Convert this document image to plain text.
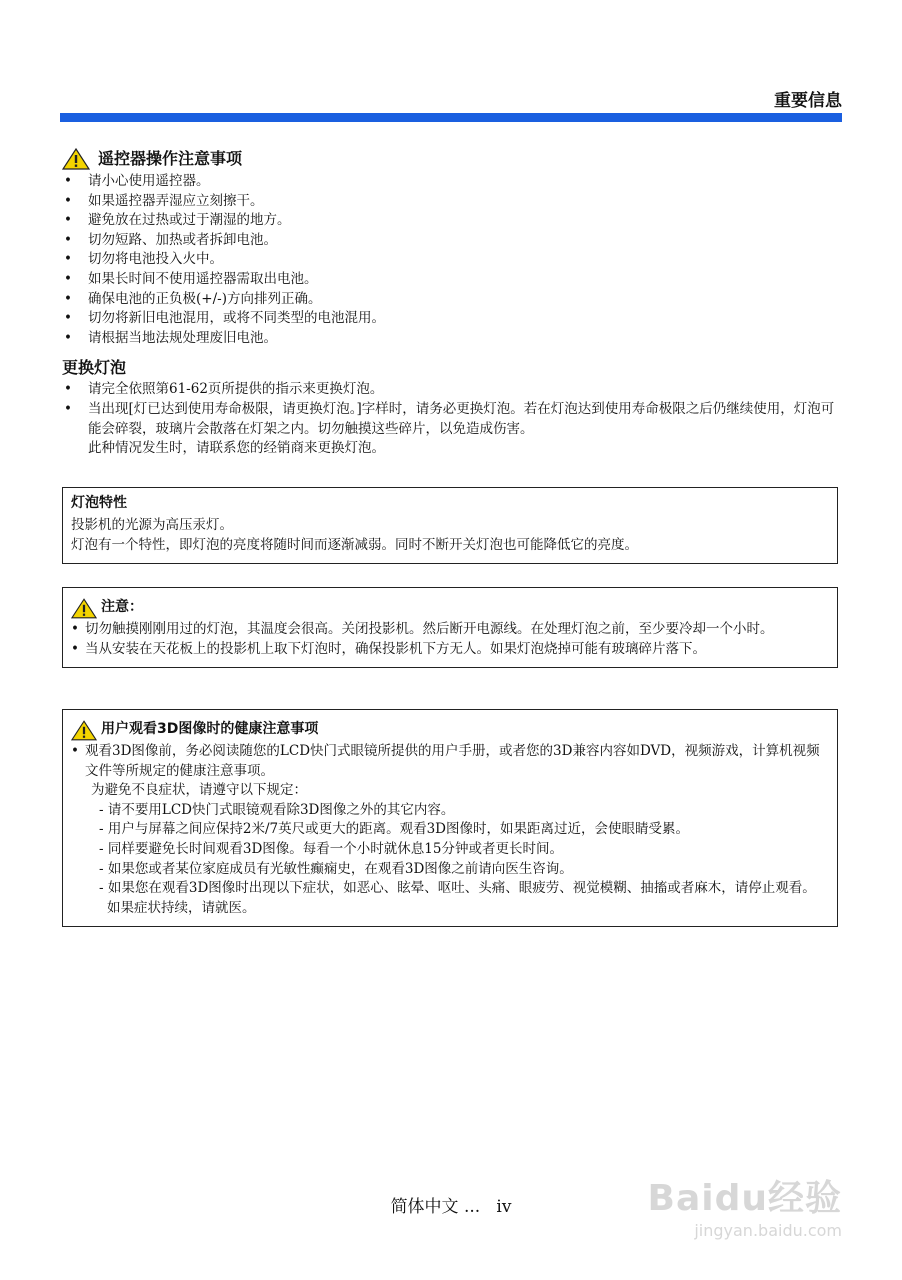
重要信息
遥控器操作注意事项
• 请小心使用遥控器。
• 如果遥控器弄湿应立刻擦干。
• 避免放在过热或过于潮湿的地方。
• 切勿短路、加热或者拆卸电池。
• 切勿将电池投入火中。
• 如果长时间不使用遥控器需取出电池。
• 确保电池的正负极(+/-)方向排列正确。
• 切勿将新旧电池混用，或将不同类型的电池混用。
• 请根据当地法规处理废旧电池。
更换灯泡
• 请完全依照第61-62页所提供的指示来更换灯泡。
• 当出现[灯已达到使用寿命极限，请更换灯泡。]字样时，请务必更换灯泡。若在灯泡达到使用寿命极限之后仍继续使用，灯泡可能会碎裂，玻璃片会散落在灯架之内。切勿触摸这些碎片，以免造成伤害。
此种情况发生时，请联系您的经销商来更换灯泡。
灯泡特性
投影机的光源为高压汞灯。
灯泡有一个特性，即灯泡的亮度将随时间而逐渐减弱。同时不断开关灯泡也可能降低它的亮度。
注意：
• 切勿触摸刚刚用过的灯泡，其温度会很高。关闭投影机。然后断开电源线。在处理灯泡之前，至少要冷却一个小时。
• 当从安装在天花板上的投影机上取下灯泡时，确保投影机下方无人。如果灯泡烧掉可能有玻璃碎片落下。
用户观看3D图像时的健康注意事项
• 观看3D图像前，务必阅读随您的LCD快门式眼镜所提供的用户手册，或者您的3D兼容内容如DVD，视频游戏，计算机视频文件等所规定的健康注意事项。
为避免不良症状，请遵守以下规定：
- 请不要用LCD快门式眼镜观看除3D图像之外的其它内容。
- 用户与屏幕之间应保持2米/7英尺或更大的距离。观看3D图像时，如果距离过近，会使眼睛受累。
- 同样要避免长时间观看3D图像。每看一个小时就休息15分钟或者更长时间。
- 如果您或者某位家庭成员有光敏性癫痫史，在观看3D图像之前请向医生咨询。
- 如果您在观看3D图像时出现以下症状，如恶心、眩晕、呕吐、头痛、眼疲劳、视觉模糊、抽搐或者麻木，请停止观看。如果症状持续，请就医。
简体中文 ...   iv	Baidu经验
jingyan.baidu.com
